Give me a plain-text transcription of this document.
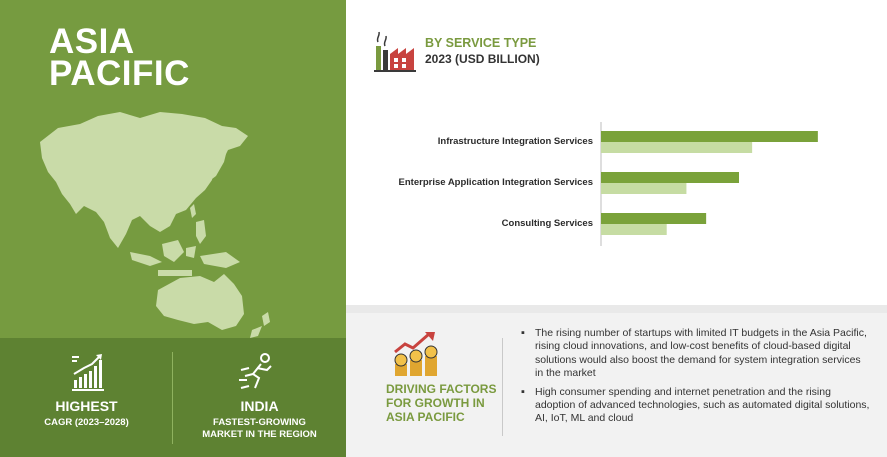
ASIA
PACIFIC
HIGHEST
CAGR (2023–2028)
INDIA
FASTEST-GROWING
MARKET IN THE REGION
BY SERVICE TYPE
2023 (USD BILLION)
Infrastructure Integration Services
Enterprise Application Integration Services
Consulting Services
DRIVING FACTORS
FOR GROWTH IN
ASIA PACIFIC
▪ The rising number of startups with limited IT budgets in the Asia Pacific, rising cloud innovations, and low-cost benefits of cloud-based digital solutions would also boost the demand for system integration services in the market
▪ High consumer spending and internet penetration and the rising adoption of advanced technologies, such as automated digital solutions, AI, IoT, ML and cloud
